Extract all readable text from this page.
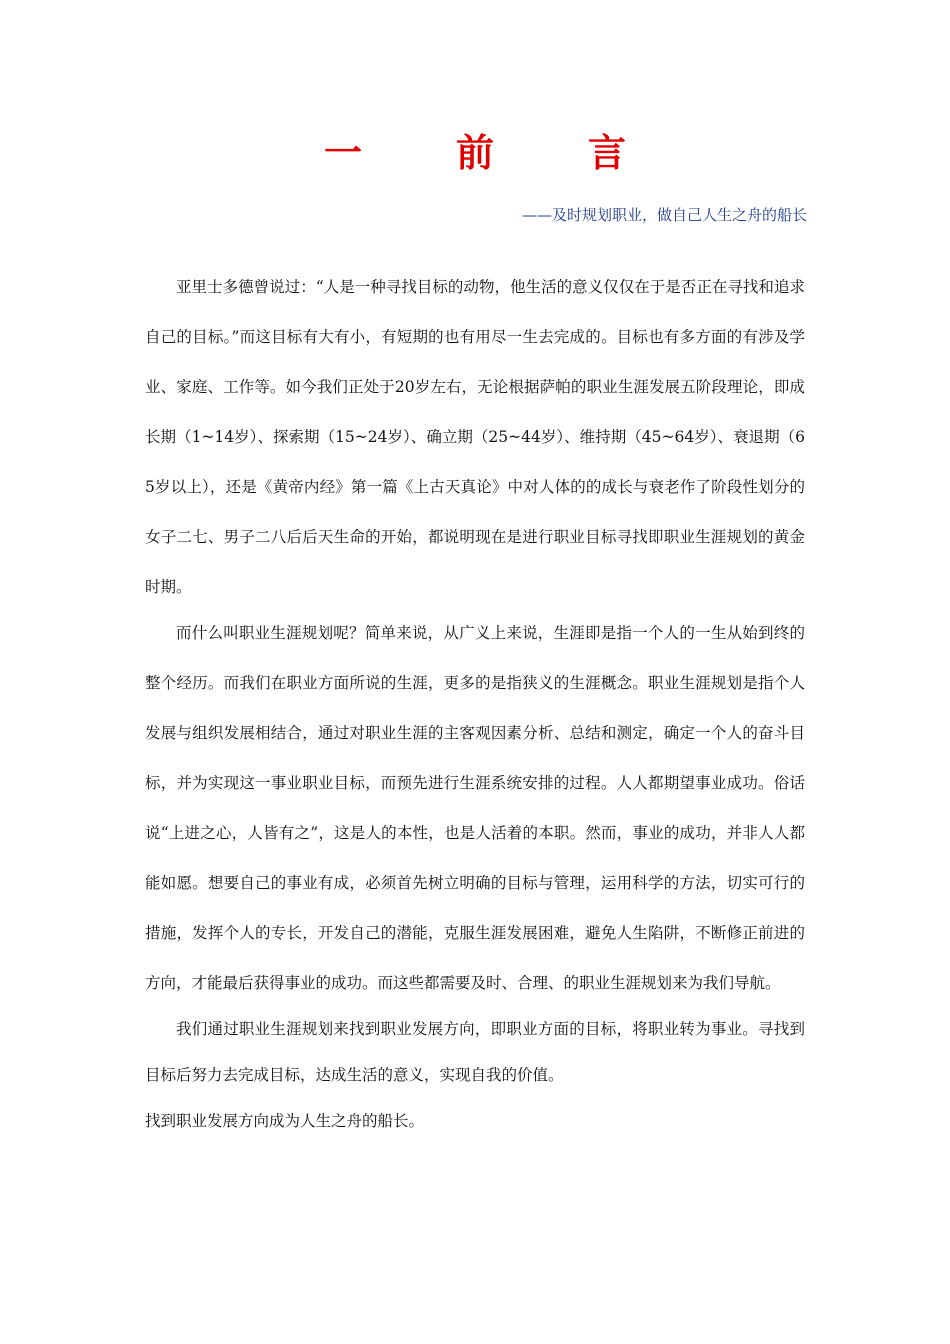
一　前　言
——及时规划职业，做自己人生之舟的船长

亚里士多德曾说过：“人是一种寻找目标的动物，他生活的意义仅仅在于是否正在寻找和追求自己的目标。”而这目标有大有小，有短期的也有用尽一生去完成的。目标也有多方面的有涉及学业、家庭、工作等。如今我们正处于20岁左右，无论根据萨帕的职业生涯发展五阶段理论，即成长期（1~14岁）、探索期（15~24岁）、确立期（25~44岁）、维持期（45~64岁）、衰退期（65岁以上），还是《黄帝内经》第一篇《上古天真论》中对人体的的成长与衰老作了阶段性划分的女子二七、男子二八后后天生命的开始，都说明现在是进行职业目标寻找即职业生涯规划的黄金时期。

而什么叫职业生涯规划呢？简单来说，从广义上来说，生涯即是指一个人的一生从始到终的整个经历。而我们在职业方面所说的生涯，更多的是指狭义的生涯概念。职业生涯规划是指个人发展与组织发展相结合，通过对职业生涯的主客观因素分析、总结和测定，确定一个人的奋斗目标，并为实现这一事业职业目标，而预先进行生涯系统安排的过程。人人都期望事业成功。俗话说“上进之心，人皆有之”，这是人的本性，也是人活着的本职。然而，事业的成功，并非人人都能如愿。想要自己的事业有成，必须首先树立明确的目标与管理，运用科学的方法，切实可行的措施，发挥个人的专长，开发自己的潜能，克服生涯发展困难，避免人生陷阱，不断修正前进的方向，才能最后获得事业的成功。而这些都需要及时、合理、的职业生涯规划来为我们导航。

我们通过职业生涯规划来找到职业发展方向，即职业方面的目标，将职业转为事业。寻找到目标后努力去完成目标，达成生活的意义，实现自我的价值。

找到职业发展方向成为人生之舟的船长。
